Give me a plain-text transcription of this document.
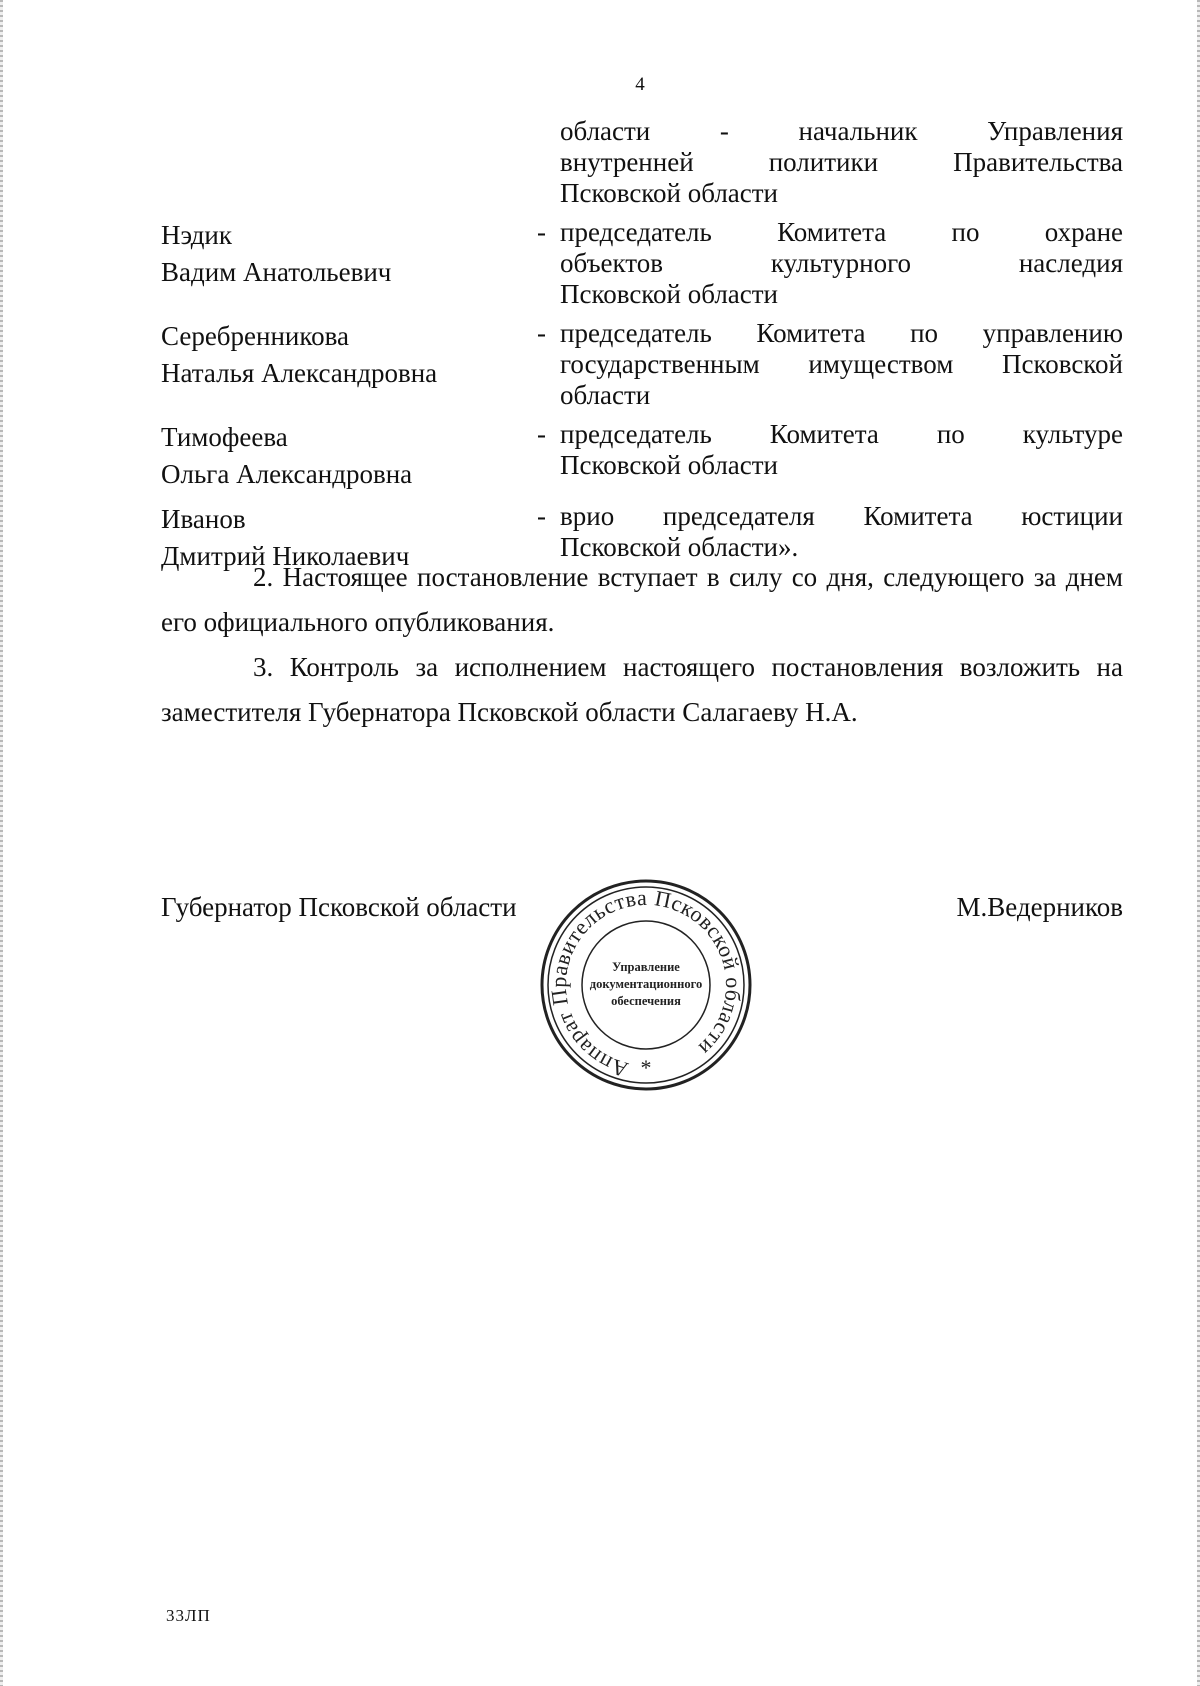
4
области - начальник Управления
внутренней политики Правительства
Псковской области
Нэдик
Вадим Анатольевич
- председатель Комитета по охране
объектов культурного наследия
Псковской области
Серебренникова
Наталья Александровна
- председатель Комитета по управлению
государственным имуществом Псковской
области
Тимофеева
Ольга Александровна
- председатель Комитета по культуре
Псковской области
Иванов
Дмитрий Николаевич
- врио председателя Комитета юстиции
Псковской области».

2. Настоящее постановление вступает в силу со дня, следующего за днем его официального опубликования.

3. Контроль за исполнением настоящего постановления возложить на заместителя Губернатора Псковской области Салагаеву Н.А.

Губернатор Псковской области	М.Ведерников
Аппарат Правительства Псковской области
Управление
документационного
обеспечения
*
33ЛП
